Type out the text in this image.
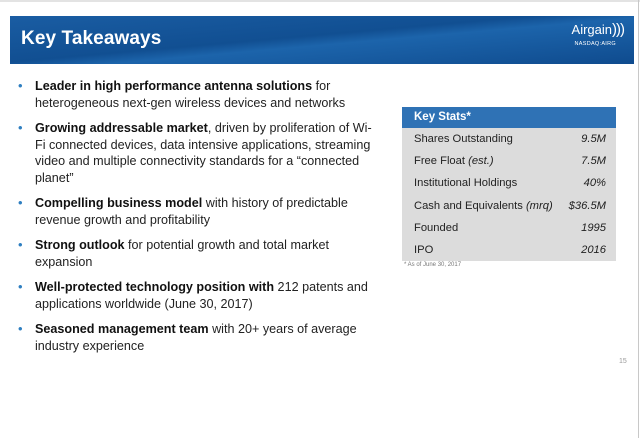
Key Takeaways	Airgain)))
NASDAQ:AIRG
• Leader in high performance antenna solutions for heterogeneous next-gen wireless devices and networks
• Growing addressable market, driven by proliferation of Wi-Fi connected devices, data intensive applications, streaming video and multiple connectivity standards for a “connected planet”
• Compelling business model with history of predictable revenue growth and profitability
• Strong outlook for potential growth and total market expansion
• Well-protected technology position with 212 patents and applications worldwide (June 30, 2017)
• Seasoned management team with 20+ years of average industry experience
Key Stats*
Shares Outstanding	9.5M
Free Float (est.)	7.5M
Institutional Holdings	40%
Cash and Equivalents (mrq) $36.5M
Founded	1995
IPO	2016
* As of June 30, 2017
15
